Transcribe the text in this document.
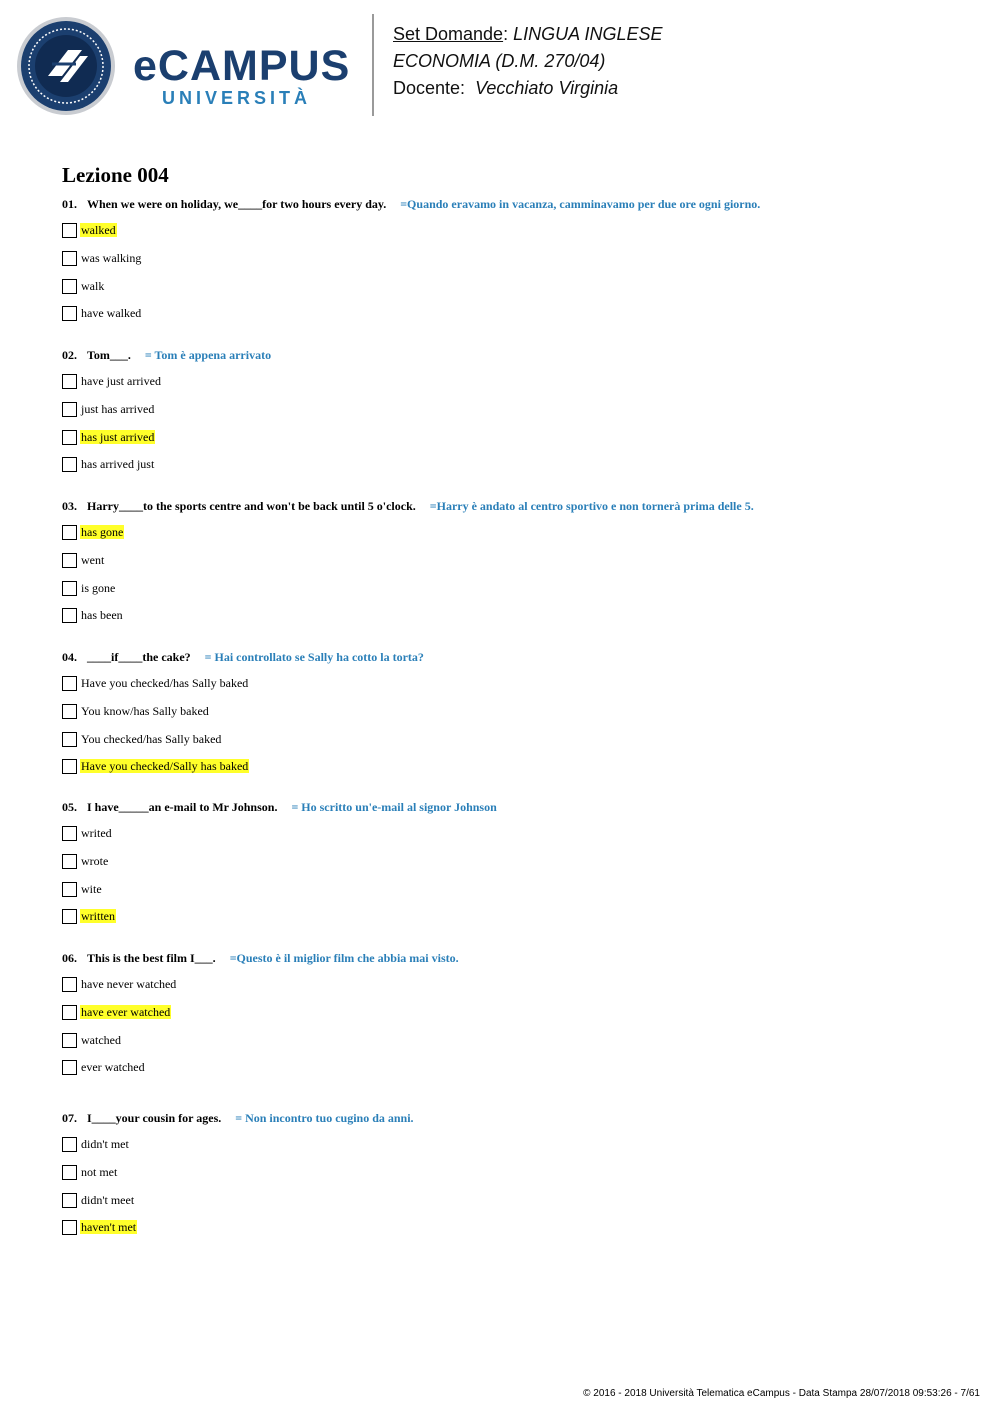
eCAMPUS
UNIVERSITÀ
Set Domande: LINGUA INGLESE
ECONOMIA (D.M. 270/04)
Docente: Vecchiato Virginia
Lezione 004
01. When we were on holiday, we____for two hours every day. =Quando eravamo in vacanza, camminavamo per due ore ogni giorno.
walked
was walking
walk
have walked
02. Tom___. = Tom è appena arrivato
have just arrived
just has arrived
has just arrived
has arrived just
03. Harry____to the sports centre and won't be back until 5 o'clock. =Harry è andato al centro sportivo e non tornerà prima delle 5.
has gone
went
is gone
has been
04. ____if____the cake? = Hai controllato se Sally ha cotto la torta?
Have you checked/has Sally baked
You know/has Sally baked
You checked/has Sally baked
Have you checked/Sally has baked
05. I have_____an e-mail to Mr Johnson. = Ho scritto un'e-mail al signor Johnson
writed
wrote
wite
written
06. This is the best film I___. =Questo è il miglior film che abbia mai visto.
have never watched
have ever watched
watched
ever watched
07. I____your cousin for ages. = Non incontro tuo cugino da anni.
didn't met
not met
didn't meet
haven't met
© 2016 - 2018 Università Telematica eCampus - Data Stampa 28/07/2018 09:53:26 - 7/61
